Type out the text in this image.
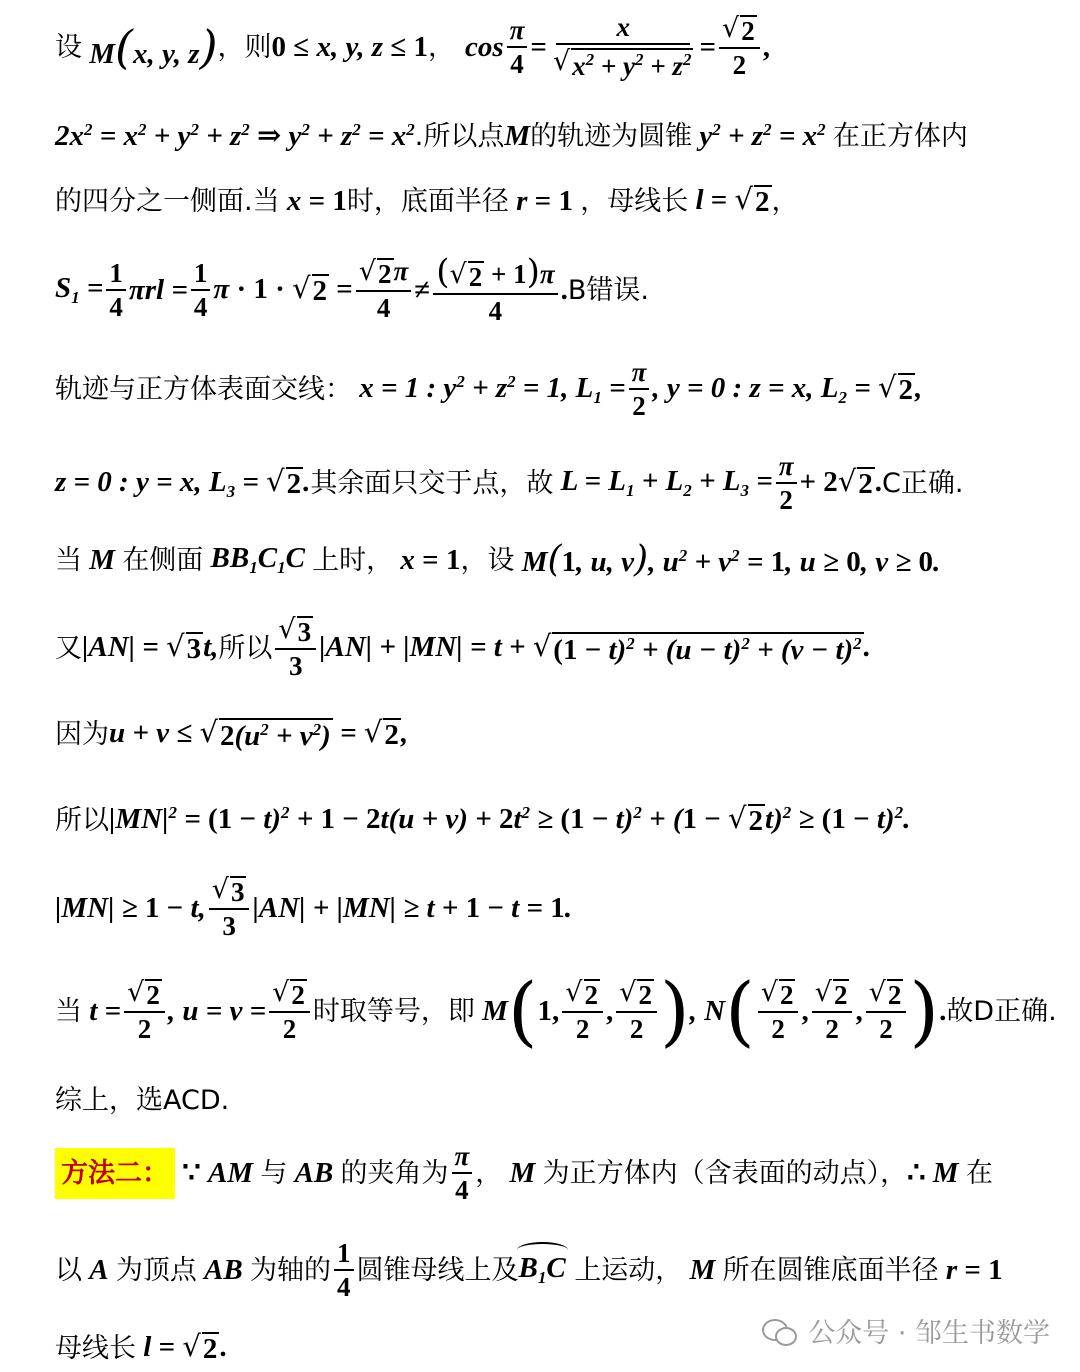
设 M(x, y, z) ，则 0 ≤ x, y, z ≤ 1 ， $\cos \frac{\pi}{4} = \frac{x}{√ x^2 + y^2 + z^2} = \frac{√ 2}{2}$ ,
$2x^2 = x^2 + y^2 + z^2$ ⇒ $y^2 + z^2 = x^2$ .所以点 M 的轨迹为圆锥 $y^2 + z^2 = x^2$ 在正方体内
的四分之一侧面.当 x = 1 时，底面半径 r = 1 ，母线长 l = √ 2 ，
$S_1 = \frac{1}{4}$ $\pi rl = \frac{1}{4}$ π · 1 · √ $2 = \frac{√ 2 \pi}{4} \ne \frac{( √ 2 + 1)\pi}{4}$ . B错误.
轨迹与正方体表面交线： x = 1 : $y^2 + z^2 = 1$, $L_1 = \frac{\pi}{2}$ , y = 0 : z = x, $L_2$ = √ 2 ,
z = 0 : y = x, $L_3$ = √ 2 . 其余面只交于点，故 $L = L_1 + L_2 + L_3 = \frac{\pi}{2} + 2$ √ 2 . C正确.
当 M 在侧面 $BB_1C_1C$ 上时， x = 1 ，设 M(1, u, v), $u^2 + v^2 = 1$, u ≥ 0, v ≥ 0.
又 |AN| = √ 3 t, 所以 $\frac{√ 3}{3} |AN| + |MN| = t$ + √ $(1 - t)^2 + (u - t)^2 + (v - t)^2$ .
因为 u + v ≤ √ $2(u^2 + v^2)$ = √ 2 ,
所以 $|MN|^2 = (1 - t)^2 + 1 - 2t(u + v) + 2t^2 \ge (1 - t)^2 + (1$ − √ 2 $t)^2 \ge (1 - t)^2$.
|MN| ≥ 1 − t, $\frac{√ 3}{3} |AN| + |MN| \ge t + 1 - t = 1$.
当 $t = \frac{√ 2}{2}$ , $u = v = \frac{√ 2}{2}$ 时取等号，即 M ( 1, $\frac{√ 2}{2}$ , $\frac{√ 2}{2}$ ) , N ( $\frac{√ 2}{2}$ , $\frac{√ 2}{2}$ , $\frac{√ 2}{2}$ ) . 故D正确.
综上，选ACD.
方法二： ∵ AM 与 AB 的夹角为 $\frac{\pi}{4}$ ， M 为正方体内（含表面的动点）， ∴ M 在
以 A 为顶点 AB 为轴的 $\frac{1}{4}$ 圆锥母线上及 $B_1C$
上运动， M 所在圆锥底面半径 r = 1
母线长 l = √ 2 .	公众号 · 邹生书数学
